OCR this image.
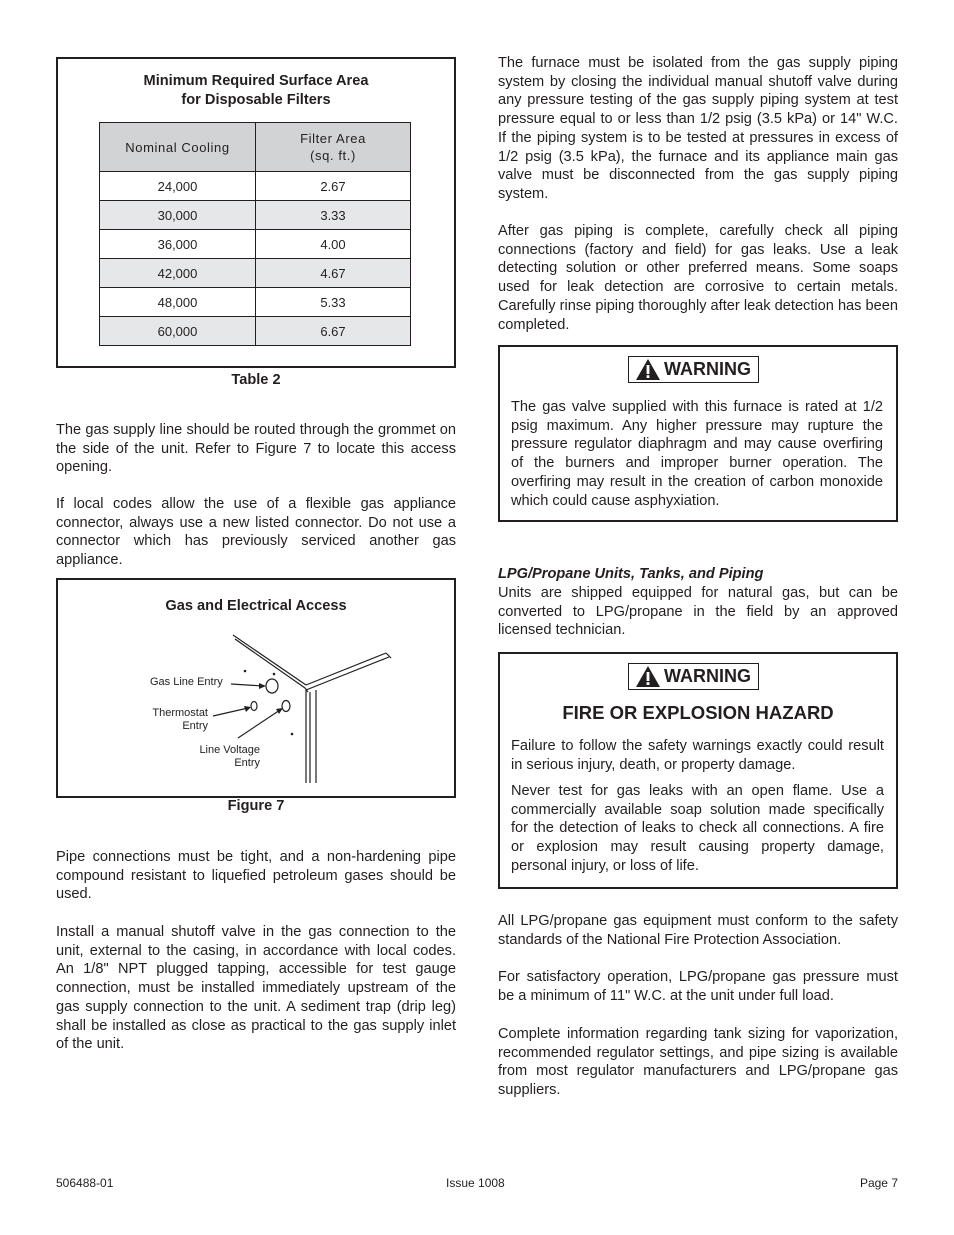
Minimum Required Surface Area
for Disposable Filters
Nominal Cooling	Filter Area
(sq. ft.)
24,000	2.67
30,000	3.33
36,000	4.00
42,000	4.67
48,000	5.33
60,000	6.67
Table 2

The gas supply line should be routed through the grommet on the side of the unit. Refer to Figure 7 to locate this access opening.

If local codes allow the use of a flexible gas appliance connector, always use a new listed connector. Do not use a connector which has previously serviced another gas appliance.

Gas and Electrical Access
Gas Line Entry
Thermostat
Entry
Line Voltage
Entry
Figure 7

Pipe connections must be tight, and a non-hardening pipe compound resistant to liquefied petroleum gases should be used.

Install a manual shutoff valve in the gas connection to the unit, external to the casing, in accordance with local codes. An 1/8" NPT plugged tapping, accessible for test gauge connection, must be installed immediately upstream of the gas supply connection to the unit. A sediment trap (drip leg) shall be installed as close as practical to the gas supply inlet of the unit.

The furnace must be isolated from the gas supply piping system by closing the individual manual shutoff valve during any pressure testing of the gas supply piping system at test pressure equal to or less than 1/2 psig (3.5 kPa) or 14" W.C. If the piping system is to be tested at pressures in excess of 1/2 psig (3.5 kPa), the furnace and its appliance main gas valve must be disconnected from the gas supply piping system.

After gas piping is complete, carefully check all piping connections (factory and field) for gas leaks. Use a leak detecting solution or other preferred means. Some soaps used for leak detection are corrosive to certain metals. Carefully rinse piping thoroughly after leak detection has been completed.

WARNING

The gas valve supplied with this furnace is rated at 1/2 psig maximum. Any higher pressure may rupture the pressure regulator diaphragm and may cause overfiring of the burners and improper burner operation. The overfiring may result in the creation of carbon monoxide which could cause asphyxiation.

LPG/Propane Units, Tanks, and Piping

Units are shipped equipped for natural gas, but can be converted to LPG/propane in the field by an approved licensed technician.

WARNING
FIRE OR EXPLOSION HAZARD

Failure to follow the safety warnings exactly could result in serious injury, death, or property damage.

Never test for gas leaks with an open flame. Use a commercially available soap solution made specifically for the detection of leaks to check all connections. A fire or explosion may result causing property damage, personal injury, or loss of life.

All LPG/propane gas equipment must conform to the safety standards of the National Fire Protection Association.

For satisfactory operation, LPG/propane gas pressure must be a minimum of 11" W.C. at the unit under full load.

Complete information regarding tank sizing for vaporization, recommended regulator settings, and pipe sizing is available from most regulator manufacturers and LPG/propane gas suppliers.

506488-01	Issue 1008	Page 7
